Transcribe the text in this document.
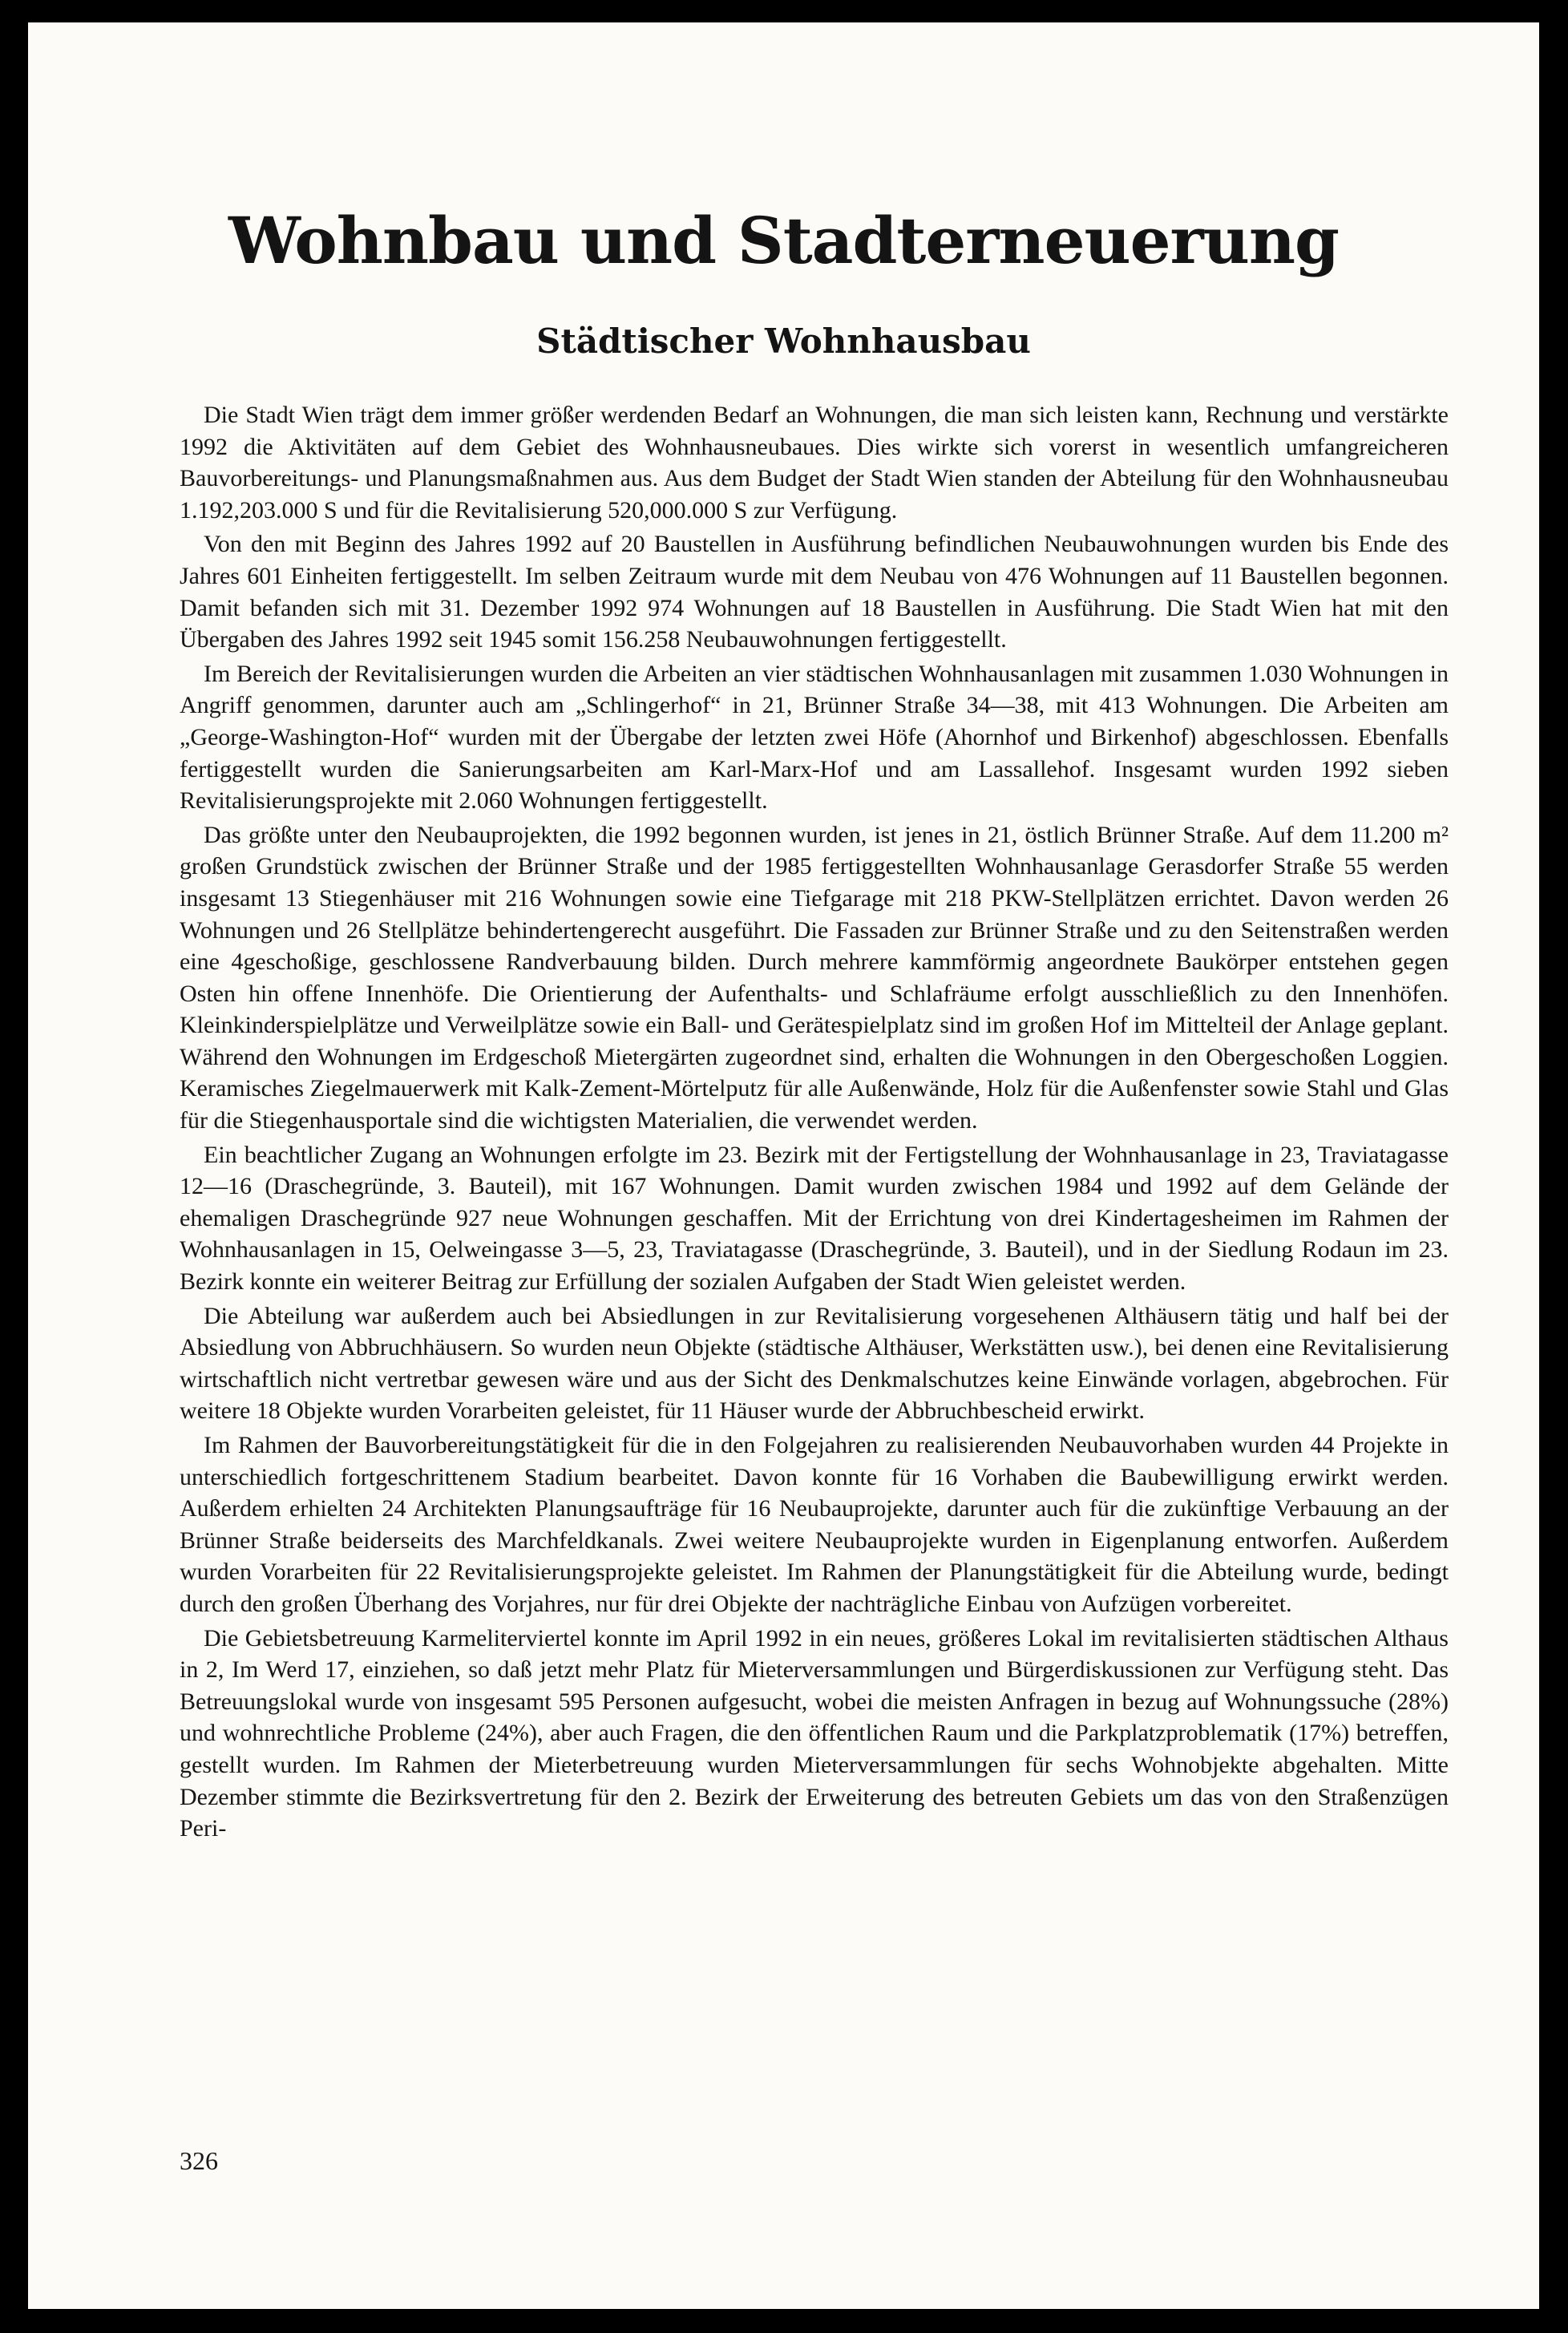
Wohnbau und Stadterneuerung
Städtischer Wohnhausbau

Die Stadt Wien trägt dem immer größer werdenden Bedarf an Wohnungen, die man sich leisten kann, Rechnung und verstärkte 1992 die Aktivitäten auf dem Gebiet des Wohnhausneubaues. Dies wirkte sich vorerst in wesentlich umfangreicheren Bauvorbereitungs- und Planungsmaßnahmen aus. Aus dem Budget der Stadt Wien standen der Abteilung für den Wohnhausneubau 1.192,203.000 S und für die Revitalisierung 520,000.000 S zur Verfügung.

Von den mit Beginn des Jahres 1992 auf 20 Baustellen in Ausführung befindlichen Neubauwohnungen wurden bis Ende des Jahres 601 Einheiten fertiggestellt. Im selben Zeitraum wurde mit dem Neubau von 476 Wohnungen auf 11 Baustellen begonnen. Damit befanden sich mit 31. Dezember 1992 974 Wohnungen auf 18 Baustellen in Ausführung. Die Stadt Wien hat mit den Übergaben des Jahres 1992 seit 1945 somit 156.258 Neubauwohnungen fertiggestellt.

Im Bereich der Revitalisierungen wurden die Arbeiten an vier städtischen Wohnhausanlagen mit zusammen 1.030 Wohnungen in Angriff genommen, darunter auch am „Schlingerhof“ in 21, Brünner Straße 34—38, mit 413 Wohnungen. Die Arbeiten am „George-Washington-Hof“ wurden mit der Übergabe der letzten zwei Höfe (Ahornhof und Birkenhof) abgeschlossen. Ebenfalls fertiggestellt wurden die Sanierungsarbeiten am Karl-Marx-Hof und am Lassallehof. Insgesamt wurden 1992 sieben Revitalisierungsprojekte mit 2.060 Wohnungen fertiggestellt.

Das größte unter den Neubauprojekten, die 1992 begonnen wurden, ist jenes in 21, östlich Brünner Straße. Auf dem 11.200 m² großen Grundstück zwischen der Brünner Straße und der 1985 fertiggestellten Wohnhausanlage Gerasdorfer Straße 55 werden insgesamt 13 Stiegenhäuser mit 216 Wohnungen sowie eine Tiefgarage mit 218 PKW-Stellplätzen errichtet. Davon werden 26 Wohnungen und 26 Stellplätze behindertengerecht ausgeführt. Die Fassaden zur Brünner Straße und zu den Seitenstraßen werden eine 4geschoßige, geschlossene Randverbauung bilden. Durch mehrere kammförmig angeordnete Baukörper entstehen gegen Osten hin offene Innenhöfe. Die Orientierung der Aufenthalts- und Schlafräume erfolgt ausschließlich zu den Innenhöfen. Kleinkinderspielplätze und Verweilplätze sowie ein Ball- und Gerätespielplatz sind im großen Hof im Mittelteil der Anlage geplant. Während den Wohnungen im Erdgeschoß Mietergärten zugeordnet sind, erhalten die Wohnungen in den Obergeschoßen Loggien. Keramisches Ziegelmauerwerk mit Kalk-Zement-Mörtelputz für alle Außenwände, Holz für die Außenfenster sowie Stahl und Glas für die Stiegenhausportale sind die wichtigsten Materialien, die verwendet werden.

Ein beachtlicher Zugang an Wohnungen erfolgte im 23. Bezirk mit der Fertigstellung der Wohnhausanlage in 23, Traviatagasse 12—16 (Draschegründe, 3. Bauteil), mit 167 Wohnungen. Damit wurden zwischen 1984 und 1992 auf dem Gelände der ehemaligen Draschegründe 927 neue Wohnungen geschaffen. Mit der Errichtung von drei Kindertagesheimen im Rahmen der Wohnhausanlagen in 15, Oelweingasse 3—5, 23, Traviatagasse (Draschegründe, 3. Bauteil), und in der Siedlung Rodaun im 23. Bezirk konnte ein weiterer Beitrag zur Erfüllung der sozialen Aufgaben der Stadt Wien geleistet werden.

Die Abteilung war außerdem auch bei Absiedlungen in zur Revitalisierung vorgesehenen Althäusern tätig und half bei der Absiedlung von Abbruchhäusern. So wurden neun Objekte (städtische Althäuser, Werkstätten usw.), bei denen eine Revitalisierung wirtschaftlich nicht vertretbar gewesen wäre und aus der Sicht des Denkmalschutzes keine Einwände vorlagen, abgebrochen. Für weitere 18 Objekte wurden Vorarbeiten geleistet, für 11 Häuser wurde der Abbruchbescheid erwirkt.

Im Rahmen der Bauvorbereitungstätigkeit für die in den Folgejahren zu realisierenden Neubauvorhaben wurden 44 Projekte in unterschiedlich fortgeschrittenem Stadium bearbeitet. Davon konnte für 16 Vorhaben die Baubewilligung erwirkt werden. Außerdem erhielten 24 Architekten Planungsaufträge für 16 Neubauprojekte, darunter auch für die zukünftige Verbauung an der Brünner Straße beiderseits des Marchfeldkanals. Zwei weitere Neubauprojekte wurden in Eigenplanung entworfen. Außerdem wurden Vorarbeiten für 22 Revitalisierungsprojekte geleistet. Im Rahmen der Planungstätigkeit für die Abteilung wurde, bedingt durch den großen Überhang des Vorjahres, nur für drei Objekte der nachträgliche Einbau von Aufzügen vorbereitet.

Die Gebietsbetreuung Karmeliterviertel konnte im April 1992 in ein neues, größeres Lokal im revitalisierten städtischen Althaus in 2, Im Werd 17, einziehen, so daß jetzt mehr Platz für Mieterversammlungen und Bürgerdiskussionen zur Verfügung steht. Das Betreuungslokal wurde von insgesamt 595 Personen aufgesucht, wobei die meisten Anfragen in bezug auf Wohnungssuche (28%) und wohnrechtliche Probleme (24%), aber auch Fragen, die den öffentlichen Raum und die Parkplatzproblematik (17%) betreffen, gestellt wurden. Im Rahmen der Mieterbetreuung wurden Mieterversammlungen für sechs Wohnobjekte abgehalten. Mitte Dezember stimmte die Bezirksvertretung für den 2. Bezirk der Erweiterung des betreuten Gebiets um das von den Straßenzügen Peri-

326
